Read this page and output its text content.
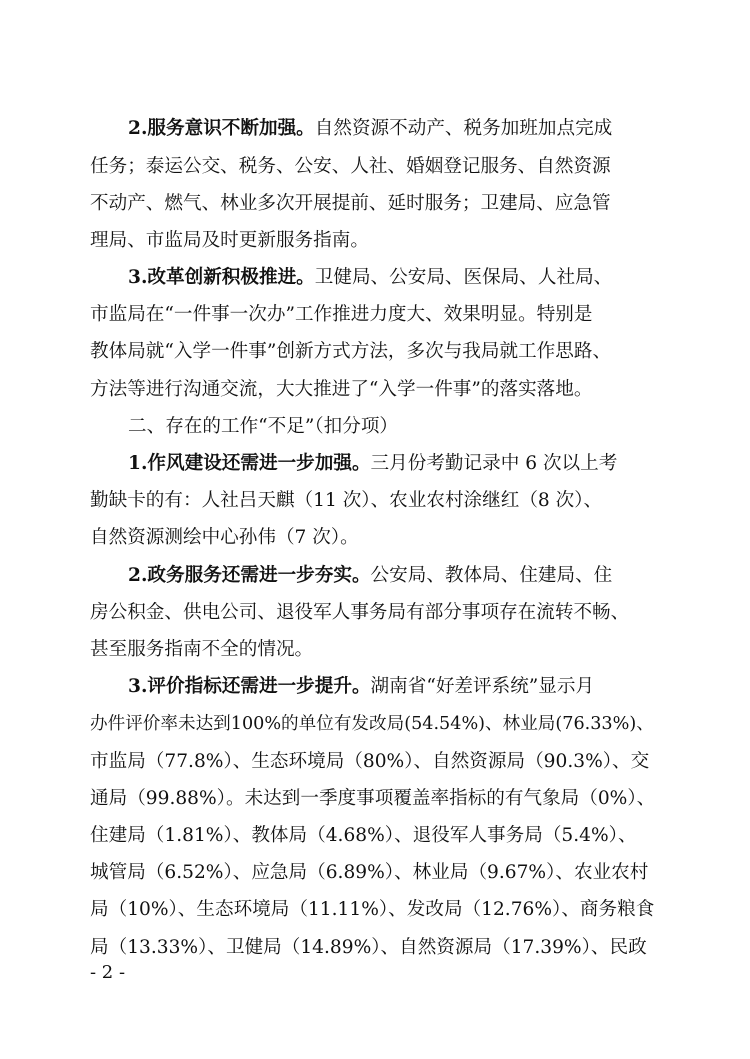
2.服务意识不断加强。自然资源不动产、税务加班加点完成
任务；泰运公交、税务、公安、人社、婚姻登记服务、自然资源
不动产、燃气、林业多次开展提前、延时服务；卫建局、应急管
理局、市监局及时更新服务指南。
3.改革创新积极推进。卫健局、公安局、医保局、人社局、
市监局在“一件事一次办”工作推进力度大、效果明显。特别是
教体局就“入学一件事”创新方式方法，多次与我局就工作思路、
方法等进行沟通交流，大大推进了“入学一件事”的落实落地。
二、存在的工作“不足”（扣分项）
1.作风建设还需进一步加强。三月份考勤记录中 6 次以上考
勤缺卡的有：人社吕天麒（11 次）、农业农村涂继红（8 次）、
自然资源测绘中心孙伟（7 次）。
2.政务服务还需进一步夯实。公安局、教体局、住建局、住
房公积金、供电公司、退役军人事务局有部分事项存在流转不畅、
甚至服务指南不全的情况。
3.评价指标还需进一步提升。湖南省“好差评系统”显示月
办件评价率未达到100%的单位有发改局(54.54%)、林业局(76.33%)、
市监局（77.8%）、生态环境局（80%）、自然资源局（90.3%）、交
通局（99.88%）。未达到一季度事项覆盖率指标的有气象局（0%）、
住建局（1.81%）、教体局（4.68%）、退役军人事务局（5.4%）、
城管局（6.52%）、应急局（6.89%）、林业局（9.67%）、农业农村
局（10%）、生态环境局（11.11%）、发改局（12.76%）、商务粮食
局（13.33%）、卫健局（14.89%）、自然资源局（17.39%）、民政
- 2 -
